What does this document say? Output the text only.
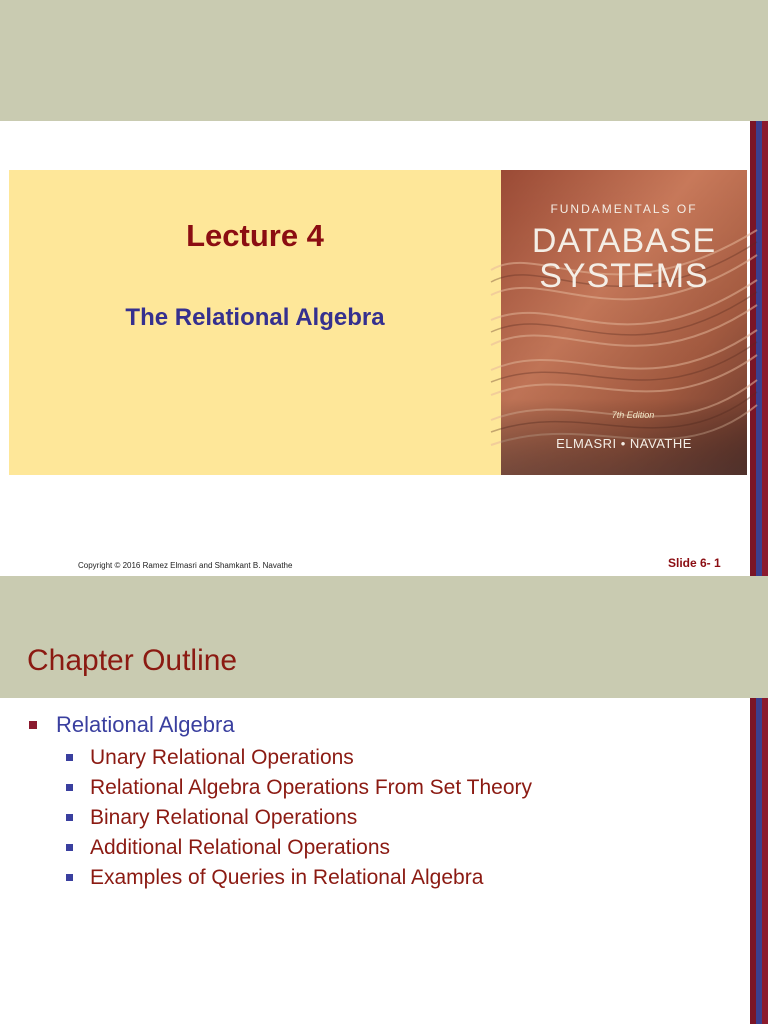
Lecture 4
The Relational Algebra
FUNDAMENTALS OF
DATABASE
SYSTEMS
7th Edition
ELMASRI • NAVATHE
Copyright © 2016 Ramez Elmasri and Shamkant B. Navathe	Slide 6- 1
Chapter Outline
Relational Algebra
Unary Relational Operations
Relational Algebra Operations From Set Theory
Binary Relational Operations
Additional Relational Operations
Examples of Queries in Relational Algebra
